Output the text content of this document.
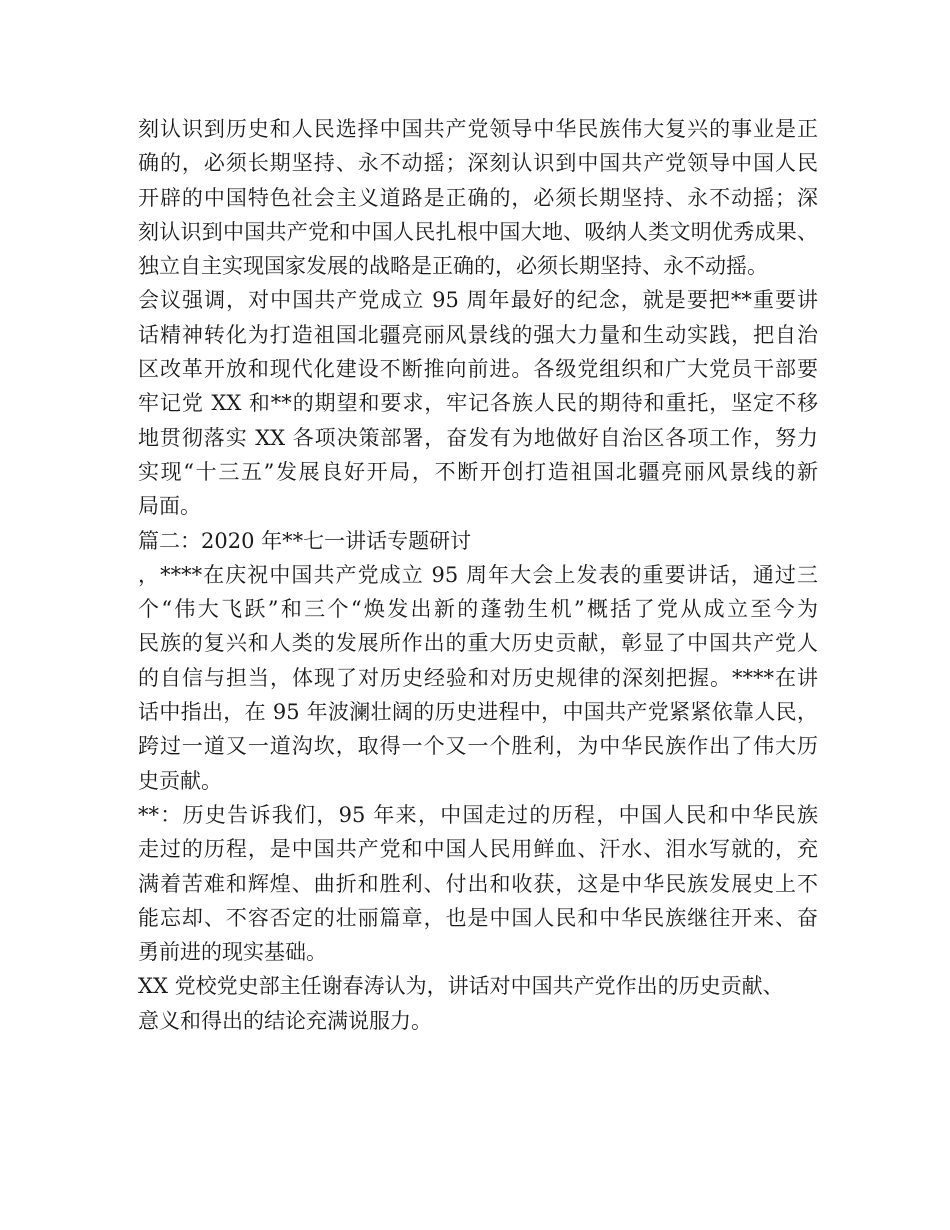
刻认识到历史和人民选择中国共产党领导中华民族伟大复兴的事业是正
确的，必须长期坚持、永不动摇；深刻认识到中国共产党领导中国人民
开辟的中国特色社会主义道路是正确的，必须长期坚持、永不动摇；深
刻认识到中国共产党和中国人民扎根中国大地、吸纳人类文明优秀成果、
独立自主实现国家发展的战略是正确的，必须长期坚持、永不动摇。
会议强调，对中国共产党成立 95 周年最好的纪念，就是要把**重要讲
话精神转化为打造祖国北疆亮丽风景线的强大力量和生动实践，把自治
区改革开放和现代化建设不断推向前进。各级党组织和广大党员干部要
牢记党 XX 和**的期望和要求，牢记各族人民的期待和重托，坚定不移
地贯彻落实 XX 各项决策部署，奋发有为地做好自治区各项工作，努力
实现“十三五”发展良好开局，不断开创打造祖国北疆亮丽风景线的新
局面。
篇二：2020 年**七一讲话专题研讨
，****在庆祝中国共产党成立 95 周年大会上发表的重要讲话，通过三
个“伟大飞跃”和三个“焕发出新的蓬勃生机”概括了党从成立至今为
民族的复兴和人类的发展所作出的重大历史贡献，彰显了中国共产党人
的自信与担当，体现了对历史经验和对历史规律的深刻把握。****在讲
话中指出，在 95 年波澜壮阔的历史进程中，中国共产党紧紧依靠人民，
跨过一道又一道沟坎，取得一个又一个胜利，为中华民族作出了伟大历
史贡献。
**：历史告诉我们，95 年来，中国走过的历程，中国人民和中华民族
走过的历程，是中国共产党和中国人民用鲜血、汗水、泪水写就的，充
满着苦难和辉煌、曲折和胜利、付出和收获，这是中华民族发展史上不
能忘却、不容否定的壮丽篇章，也是中国人民和中华民族继往开来、奋
勇前进的现实基础。
XX 党校党史部主任谢春涛认为，讲话对中国共产党作出的历史贡献、
意义和得出的结论充满说服力。
